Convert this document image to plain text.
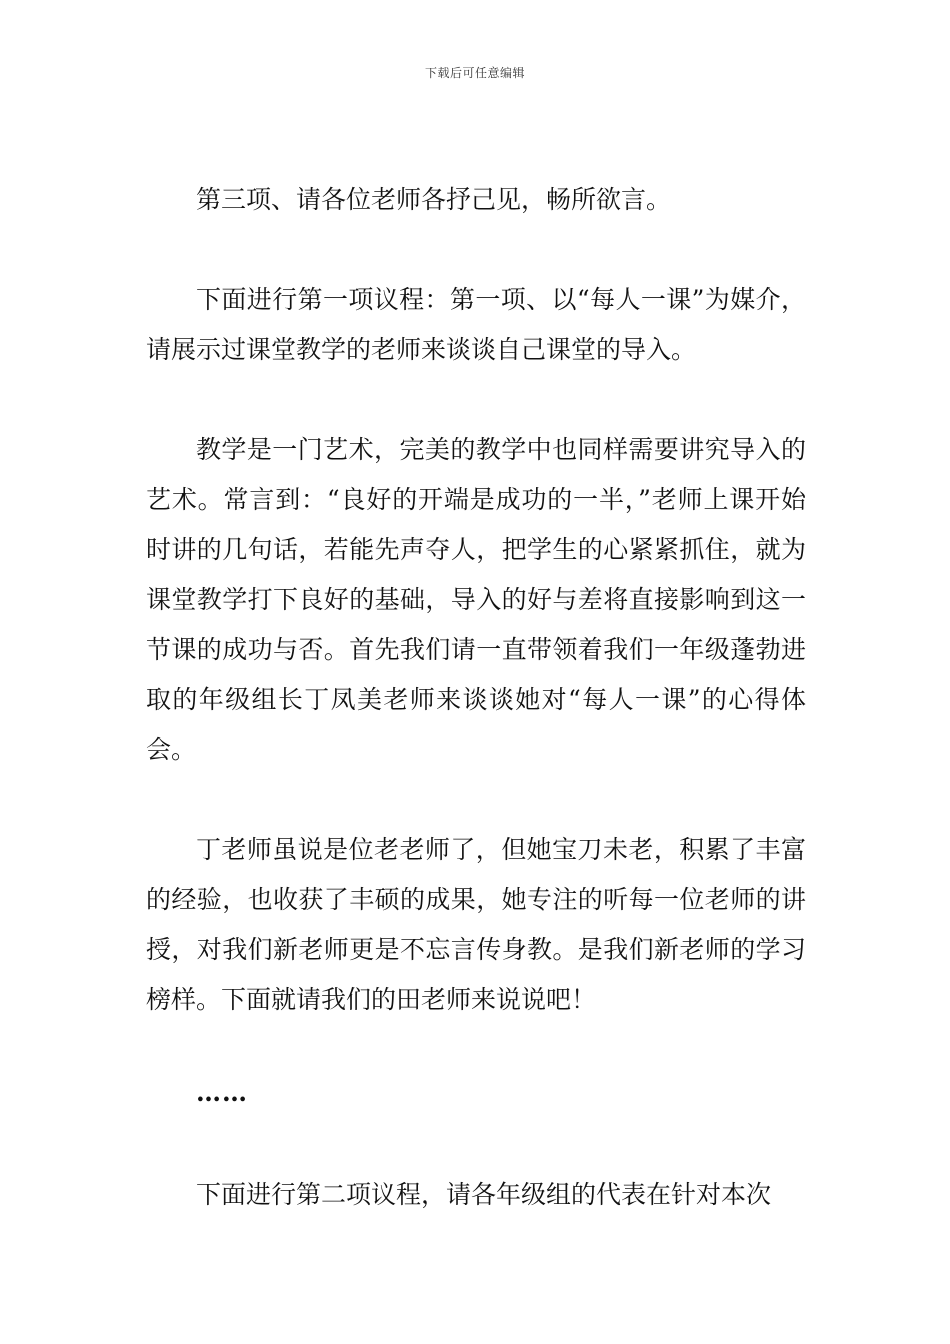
下载后可任意编辑

第三项、请各位老师各抒己见，畅所欲言。

下面进行第一项议程：第一项、以“每人一课”为媒介，请展示过课堂教学的老师来谈谈自己课堂的导入。

教学是一门艺术，完美的教学中也同样需要讲究导入的艺术。常言到：“良好的开端是成功的一半，”老师上课开始时讲的几句话，若能先声夺人，把学生的心紧紧抓住，就为课堂教学打下良好的基础，导入的好与差将直接影响到这一节课的成功与否。首先我们请一直带领着我们一年级蓬勃进取的年级组长丁凤美老师来谈谈她对“每人一课”的心得体会。

丁老师虽说是位老老师了，但她宝刀未老，积累了丰富的经验，也收获了丰硕的成果，她专注的听每一位老师的讲授，对我们新老师更是不忘言传身教。是我们新老师的学习榜样。下面就请我们的田老师来说说吧！

……

下面进行第二项议程，请各年级组的代表在针对本次
